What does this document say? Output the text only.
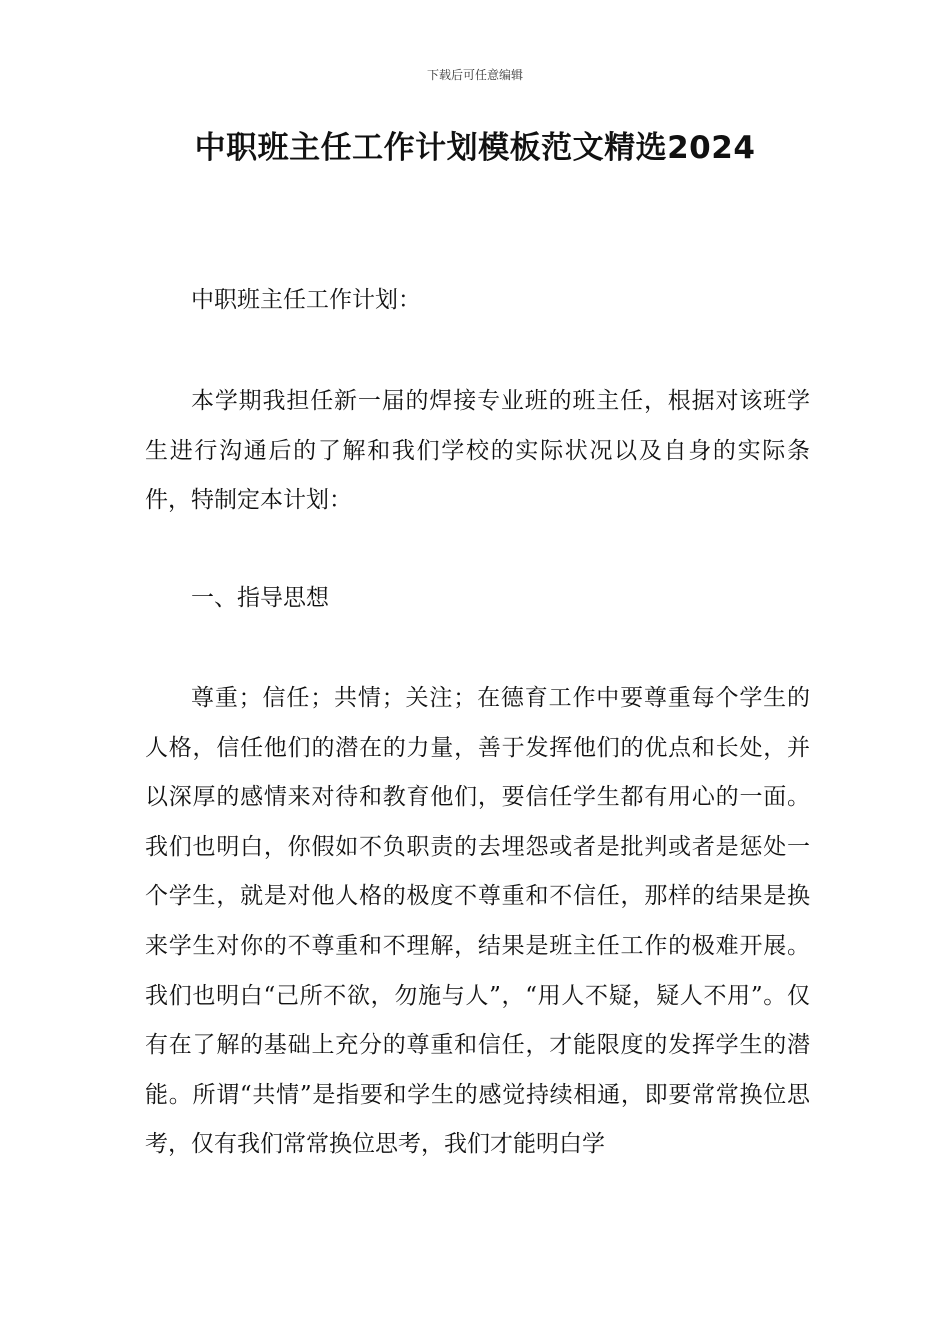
下载后可任意编辑
中职班主任工作计划模板范文精选2024

中职班主任工作计划：

本学期我担任新一届的焊接专业班的班主任，根据对该班学生进行沟通后的了解和我们学校的实际状况以及自身的实际条件，特制定本计划：

一、指导思想

尊重；信任；共情；关注；在德育工作中要尊重每个学生的人格，信任他们的潜在的力量，善于发挥他们的优点和长处，并以深厚的感情来对待和教育他们，要信任学生都有用心的一面。我们也明白，你假如不负职责的去埋怨或者是批判或者是惩处一个学生，就是对他人格的极度不尊重和不信任，那样的结果是换来学生对你的不尊重和不理解，结果是班主任工作的极难开展。我们也明白“己所不欲，勿施与人”，“用人不疑，疑人不用”。仅有在了解的基础上充分的尊重和信任，才能限度的发挥学生的潜能。所谓“共情”是指要和学生的感觉持续相通，即要常常换位思考，仅有我们常常换位思考，我们才能明白学
